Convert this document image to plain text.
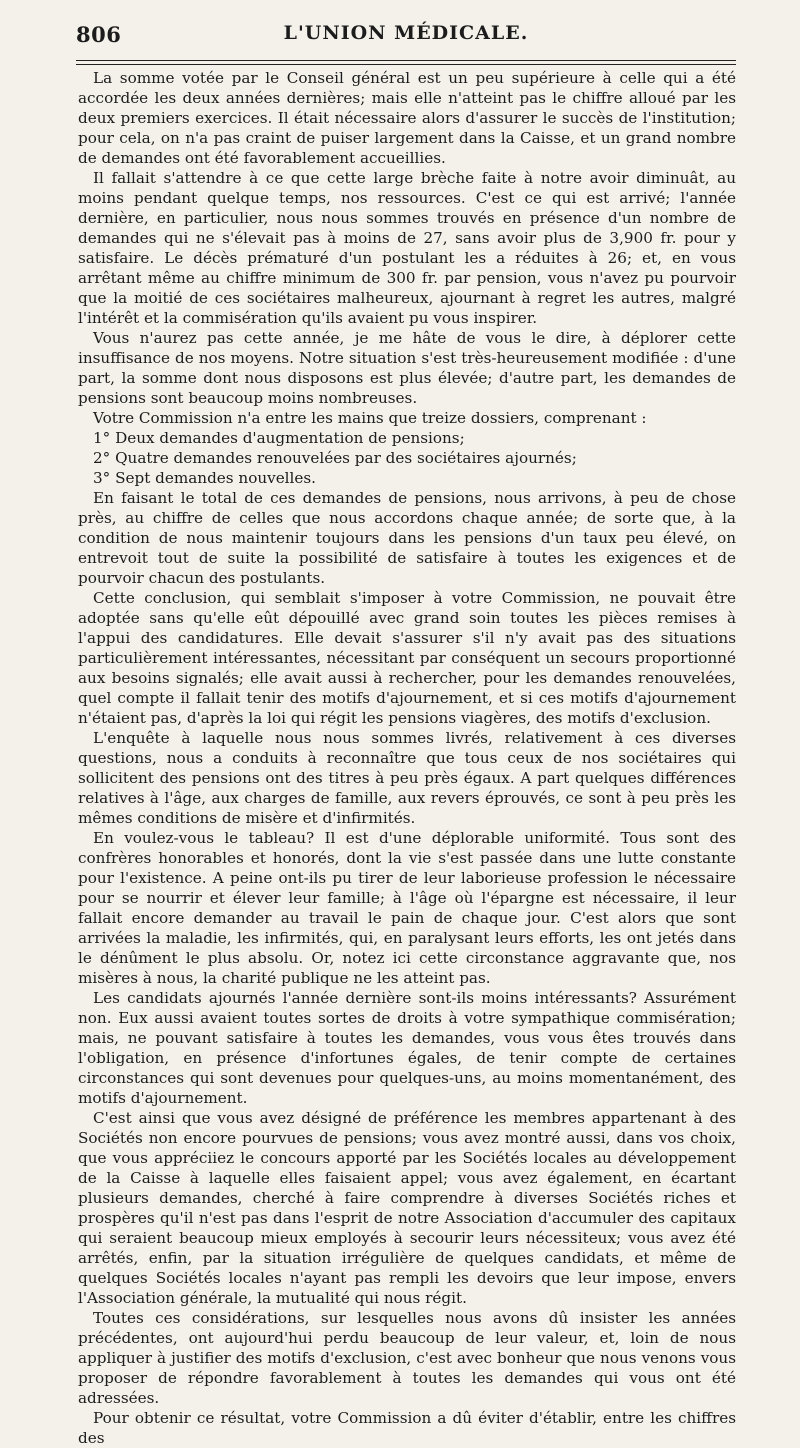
806	L'UNION MÉDICALE.

La somme votée par le Conseil général est un peu supérieure à celle qui a été accordée les deux années dernières; mais elle n'atteint pas le chiffre alloué par les deux premiers exercices. Il était nécessaire alors d'assurer le succès de l'institution; pour cela, on n'a pas craint de puiser largement dans la Caisse, et un grand nombre de demandes ont été favorablement accueillies.

Il fallait s'attendre à ce que cette large brèche faite à notre avoir diminuât, au moins pendant quelque temps, nos ressources. C'est ce qui est arrivé; l'année dernière, en particulier, nous nous sommes trouvés en présence d'un nombre de demandes qui ne s'élevait pas à moins de 27, sans avoir plus de 3,900 fr. pour y satisfaire. Le décès prématuré d'un postulant les a réduites à 26; et, en vous arrêtant même au chiffre minimum de 300 fr. par pension, vous n'avez pu pourvoir que la moitié de ces sociétaires malheureux, ajournant à regret les autres, malgré l'intérêt et la commisération qu'ils avaient pu vous inspirer.

Vous n'aurez pas cette année, je me hâte de vous le dire, à déplorer cette insuffisance de nos moyens. Notre situation s'est très-heureusement modifiée : d'une part, la somme dont nous disposons est plus élevée; d'autre part, les demandes de pensions sont beaucoup moins nombreuses.

Votre Commission n'a entre les mains que treize dossiers, comprenant :

1° Deux demandes d'augmentation de pensions;

2° Quatre demandes renouvelées par des sociétaires ajournés;

3° Sept demandes nouvelles.

En faisant le total de ces demandes de pensions, nous arrivons, à peu de chose près, au chiffre de celles que nous accordons chaque année; de sorte que, à la condition de nous maintenir toujours dans les pensions d'un taux peu élevé, on entrevoit tout de suite la possibilité de satisfaire à toutes les exigences et de pourvoir chacun des postulants.

Cette conclusion, qui semblait s'imposer à votre Commission, ne pouvait être adoptée sans qu'elle eût dépouillé avec grand soin toutes les pièces remises à l'appui des candidatures. Elle devait s'assurer s'il n'y avait pas des situations particulièrement intéressantes, nécessitant par conséquent un secours proportionné aux besoins signalés; elle avait aussi à rechercher, pour les demandes renouvelées, quel compte il fallait tenir des motifs d'ajournement, et si ces motifs d'ajournement n'étaient pas, d'après la loi qui régit les pensions viagères, des motifs d'exclusion.

L'enquête à laquelle nous nous sommes livrés, relativement à ces diverses questions, nous a conduits à reconnaître que tous ceux de nos sociétaires qui sollicitent des pensions ont des titres à peu près égaux. A part quelques différences relatives à l'âge, aux charges de famille, aux revers éprouvés, ce sont à peu près les mêmes conditions de misère et d'infirmités.

En voulez-vous le tableau? Il est d'une déplorable uniformité. Tous sont des confrères honorables et honorés, dont la vie s'est passée dans une lutte constante pour l'existence. A peine ont-ils pu tirer de leur laborieuse profession le nécessaire pour se nourrir et élever leur famille; à l'âge où l'épargne est nécessaire, il leur fallait encore demander au travail le pain de chaque jour. C'est alors que sont arrivées la maladie, les infirmités, qui, en paralysant leurs efforts, les ont jetés dans le dénûment le plus absolu. Or, notez ici cette circonstance aggravante que, nos misères à nous, la charité publique ne les atteint pas.

Les candidats ajournés l'année dernière sont-ils moins intéressants? Assurément non. Eux aussi avaient toutes sortes de droits à votre sympathique commisération; mais, ne pouvant satisfaire à toutes les demandes, vous vous êtes trouvés dans l'obligation, en présence d'infortunes égales, de tenir compte de certaines circonstances qui sont devenues pour quelques-uns, au moins momentanément, des motifs d'ajournement.

C'est ainsi que vous avez désigné de préférence les membres appartenant à des Sociétés non encore pourvues de pensions; vous avez montré aussi, dans vos choix, que vous appréciiez le concours apporté par les Sociétés locales au développement de la Caisse à laquelle elles faisaient appel; vous avez également, en écartant plusieurs demandes, cherché à faire comprendre à diverses Sociétés riches et prospères qu'il n'est pas dans l'esprit de notre Association d'accumuler des capitaux qui seraient beaucoup mieux employés à secourir leurs nécessiteux; vous avez été arrêtés, enfin, par la situation irrégulière de quelques candidats, et même de quelques Sociétés locales n'ayant pas rempli les devoirs que leur impose, envers l'Association générale, la mutualité qui nous régit.

Toutes ces considérations, sur lesquelles nous avons dû insister les années précédentes, ont aujourd'hui perdu beaucoup de leur valeur, et, loin de nous appliquer à justifier des motifs d'exclusion, c'est avec bonheur que nous venons vous proposer de répondre favorablement à toutes les demandes qui vous ont été adressées.

Pour obtenir ce résultat, votre Commission a dû éviter d'établir, entre les chiffres des
